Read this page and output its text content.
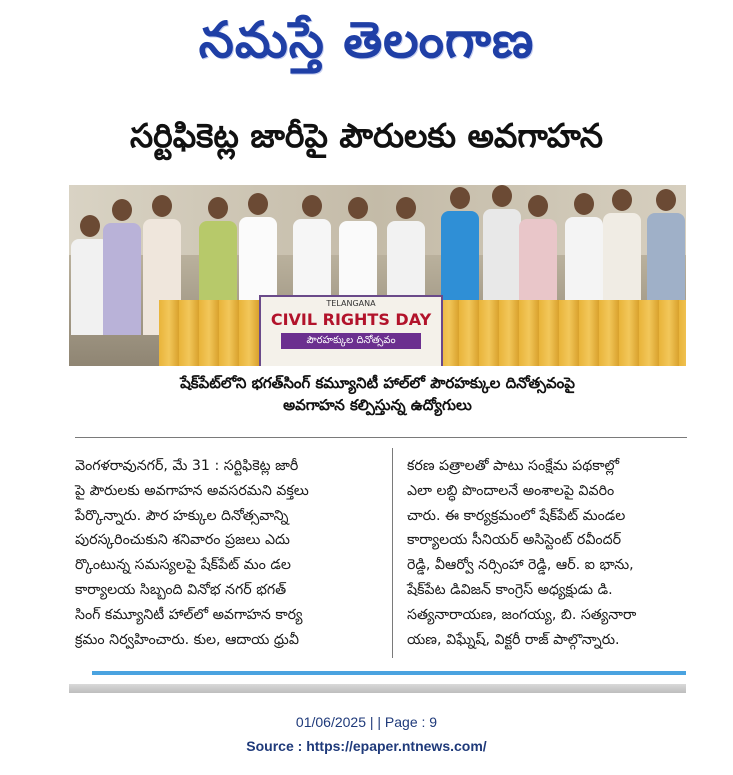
నమస్తే తెలంగాణ
సర్టిఫికెట్ల జారీపై పౌరులకు అవగాహన
TELANGANA
CIVIL RIGHTS DAY
పౌరహక్కుల దినోత్సవం
షేక్‌పేట్‌లోని భగత్‌సింగ్ కమ్యూనిటీ హాల్‌లో పౌరహక్కుల దినోత్సవంపై
అవగాహన కల్పిస్తున్న ఉద్యోగులు
వెంగళరావునగర్, మే 31 : సర్టిఫికెట్ల జారీ
పై పౌరులకు అవగాహన అవసరమని వక్తలు
పేర్కొన్నారు. పౌర హక్కుల దినోత్సవాన్ని
పురస్కరించుకుని శనివారం ప్రజలు ఎదు
ర్కొంటున్న సమస్యలపై షేక్‌పేట్ మం డల
కార్యాలయ సిబ్బంది వినోభ నగర్ భగత్
సింగ్ కమ్యూనిటీ హాల్‌లో అవగాహన కార్య
క్రమం నిర్వహించారు. కుల, ఆదాయ ధ్రువీ
కరణ పత్రాలతో పాటు సంక్షేమ పథకాల్లో
ఎలా లబ్ధి పొందాలనే అంశాలపై వివరిం
చారు. ఈ కార్యక్రమంలో షేక్‌పేట్ మండల
కార్యాలయ సీనియర్ అసిస్టెంట్ రవీందర్
రెడ్డి, వీఆర్వో నర్సింహా రెడ్డి, ఆర్. ఐ భాను,
షేక్‌పేట డివిజన్ కాంగ్రెస్ అధ్యక్షుడు డి.
సత్యనారాయణ, జంగయ్య, బి. సత్యనారా
యణ, విఘ్నేష్, విక్టరీ రాజ్ పాల్గొన్నారు.
01/06/2025 | | Page : 9
Source : https://epaper.ntnews.com/
